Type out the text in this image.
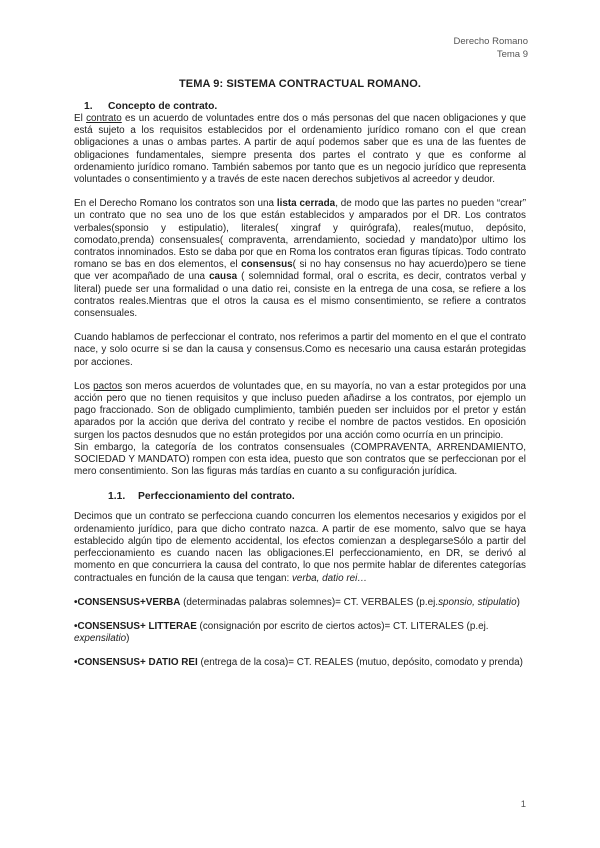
Derecho Romano
Tema 9
TEMA 9: SISTEMA CONTRACTUAL ROMANO.
1. Concepto de contrato.

El contrato es un acuerdo de voluntades entre dos o más personas del que nacen obligaciones y que está sujeto a los requisitos establecidos por el ordenamiento jurídico romano con el que crean obligaciones a unas o ambas partes. A partir de aquí podemos saber que es una de las fuentes de obligaciones fundamentales, siempre presenta dos partes el contrato y que es conforme al ordenamiento jurídico romano. También sabemos por tanto que es un negocio jurídico que representa voluntades o consentimiento y a través de este nacen derechos subjetivos al acreedor y deudor.

En el Derecho Romano los contratos son una lista cerrada, de modo que las partes no pueden “crear” un contrato que no sea uno de los que están establecidos y amparados por el DR. Los contratos verbales(sponsio y estipulatio), literales( xingraf y quirógrafa), reales(mutuo, depósito, comodato,prenda) consensuales( compraventa, arrendamiento, sociedad y mandato)por ultimo los contratos innominados. Esto se daba por que en Roma los contratos eran figuras típicas. Todo contrato romano se bas en dos elementos, el consensus( si no hay consensus no hay acuerdo)pero se tiene que ver acompañado de una causa ( solemnidad formal, oral o escrita, es decir, contratos verbal y literal) puede ser una formalidad o una datio rei, consiste en la entrega de una cosa, se refiere a los contratos reales.Mientras que el otros la causa es el mismo consentimiento, se refiere a contratos consensuales.

Cuando hablamos de perfeccionar el contrato, nos referimos a partir del momento en el que el contrato nace, y solo ocurre si se dan la causa y consensus.Como es necesario una causa estarán protegidas por acciones.

Los pactos son meros acuerdos de voluntades que, en su mayoría, no van a estar protegidos por una acción pero que no tienen requisitos y que incluso pueden añadirse a los contratos, por ejemplo un pago fraccionado. Son de obligado cumplimiento, también pueden ser incluidos por el pretor y están aparados por la acción que deriva del contrato y recibe el nombre de pactos vestidos. En oposición surgen los pactos desnudos que no están protegidos por una acción como ocurría en un principio.

Sin embargo, la categoría de los contratos consensuales (COMPRAVENTA, ARRENDAMIENTO, SOCIEDAD Y MANDATO) rompen con esta idea, puesto que son contratos que se perfeccionan por el mero consentimiento. Son las figuras más tardías en cuanto a su configuración jurídica.

1.1. Perfeccionamiento del contrato.

Decimos que un contrato se perfecciona cuando concurren los elementos necesarios y exigidos por el ordenamiento jurídico, para que dicho contrato nazca. A partir de ese momento, salvo que se haya establecido algún tipo de elemento accidental, los efectos comienzan a desplegarseSólo a partir del perfeccionamiento es cuando nacen las obligaciones.El perfeccionamiento, en DR, se derivó al momento en que concurriera la causa del contrato, lo que nos permite hablar de diferentes categorías contractuales en función de la causa que tengan: verba, datio rei…

•CONSENSUS+VERBA (determinadas palabras solemnes)= CT. VERBALES (p.ej.sponsio, stipulatio)

•CONSENSUS+ LITTERAE (consignación por escrito de ciertos actos)= CT. LITERALES (p.ej. expensilatio)

•CONSENSUS+ DATIO REI (entrega de la cosa)= CT. REALES (mutuo, depósito, comodato y prenda)

1
